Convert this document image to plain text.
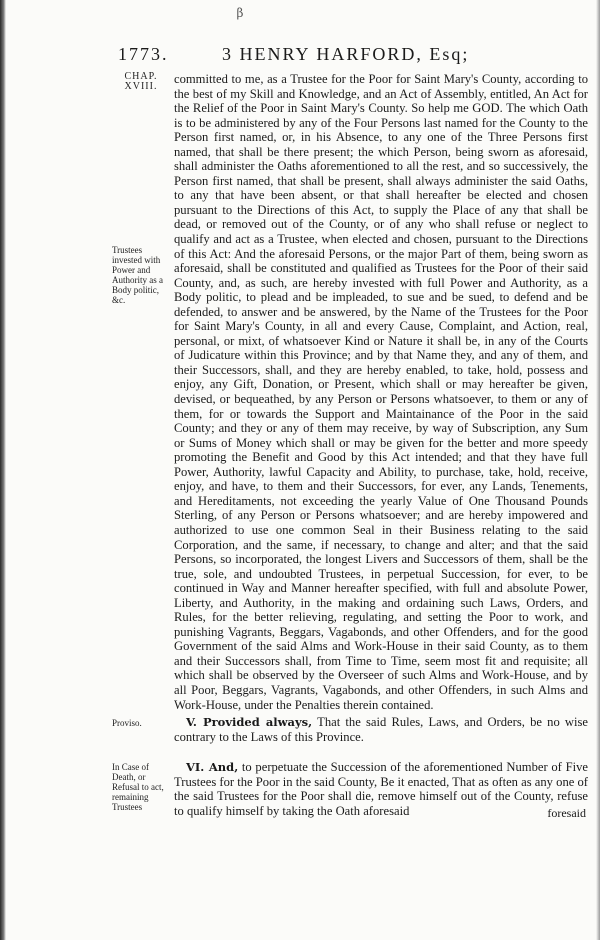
β
1773.	3 HENRY HARFORD, Esq;
CHAP. XVIII.
Trustees invested with Power and Authority as a Body politic, &c.
Proviso.
In Case of Death, or Refusal to act, remaining Trustees

committed to me, as a Trustee for the Poor for Saint Mary's County, according to the best of my Skill and Knowledge, and an Act of Assembly, entitled, An Act for the Relief of the Poor in Saint Mary's County. So help me GOD. The which Oath is to be administered by any of the Four Persons last named for the County to the Person first named, or, in his Absence, to any one of the Three Persons first named, that shall be there present; the which Person, being sworn as aforesaid, shall administer the Oaths aforementioned to all the rest, and so successively, the Person first named, that shall be present, shall always administer the said Oaths, to any that have been absent, or that shall hereafter be elected and chosen pursuant to the Directions of this Act, to supply the Place of any that shall be dead, or removed out of the County, or of any who shall refuse or neglect to qualify and act as a Trustee, when elected and chosen, pursuant to the Directions of this Act: And the aforesaid Persons, or the major Part of them, being sworn as aforesaid, shall be constituted and qualified as Trustees for the Poor of their said County, and, as such, are hereby invested with full Power and Authority, as a Body politic, to plead and be impleaded, to sue and be sued, to defend and be defended, to answer and be answered, by the Name of the Trustees for the Poor for Saint Mary's County, in all and every Cause, Complaint, and Action, real, personal, or mixt, of whatsoever Kind or Nature it shall be, in any of the Courts of Judicature within this Province; and by that Name they, and any of them, and their Successors, shall, and they are hereby enabled, to take, hold, possess and enjoy, any Gift, Donation, or Present, which shall or may hereafter be given, devised, or bequeathed, by any Person or Persons whatsoever, to them or any of them, for or towards the Support and Maintainance of the Poor in the said County; and they or any of them may receive, by way of Subscription, any Sum or Sums of Money which shall or may be given for the better and more speedy promoting the Benefit and Good by this Act intended; and that they have full Power, Authority, lawful Capacity and Ability, to purchase, take, hold, receive, enjoy, and have, to them and their Successors, for ever, any Lands, Tenements, and Hereditaments, not exceeding the yearly Value of One Thousand Pounds Sterling, of any Person or Persons whatsoever; and are hereby impowered and authorized to use one common Seal in their Business relating to the said Corporation, and the same, if necessary, to change and alter; and that the said Persons, so incorporated, the longest Livers and Successors of them, shall be the true, sole, and undoubted Trustees, in perpetual Succession, for ever, to be continued in Way and Manner hereafter specified, with full and absolute Power, Liberty, and Authority, in the making and ordaining such Laws, Orders, and Rules, for the better relieving, regulating, and setting the Poor to work, and punishing Vagrants, Beggars, Vagabonds, and other Offenders, and for the good Government of the said Alms and Work-House in their said County, as to them and their Successors shall, from Time to Time, seem most fit and requisite; all which shall be observed by the Overseer of such Alms and Work-House, and by all Poor, Beggars, Vagrants, Vagabonds, and other Offenders, in such Alms and Work-House, under the Penalties therein contained.

V. Provided always, That the said Rules, Laws, and Orders, be no wise contrary to the Laws of this Province.
VI. And, to perpetuate the Succession of the aforementioned Number of Five Trustees for the Poor in the said County, Be it enacted, That as often as any one of the said Trustees for the Poor shall die, remove himself out of the County, refuse to qualify himself by taking the Oath aforesaid	foresaid
